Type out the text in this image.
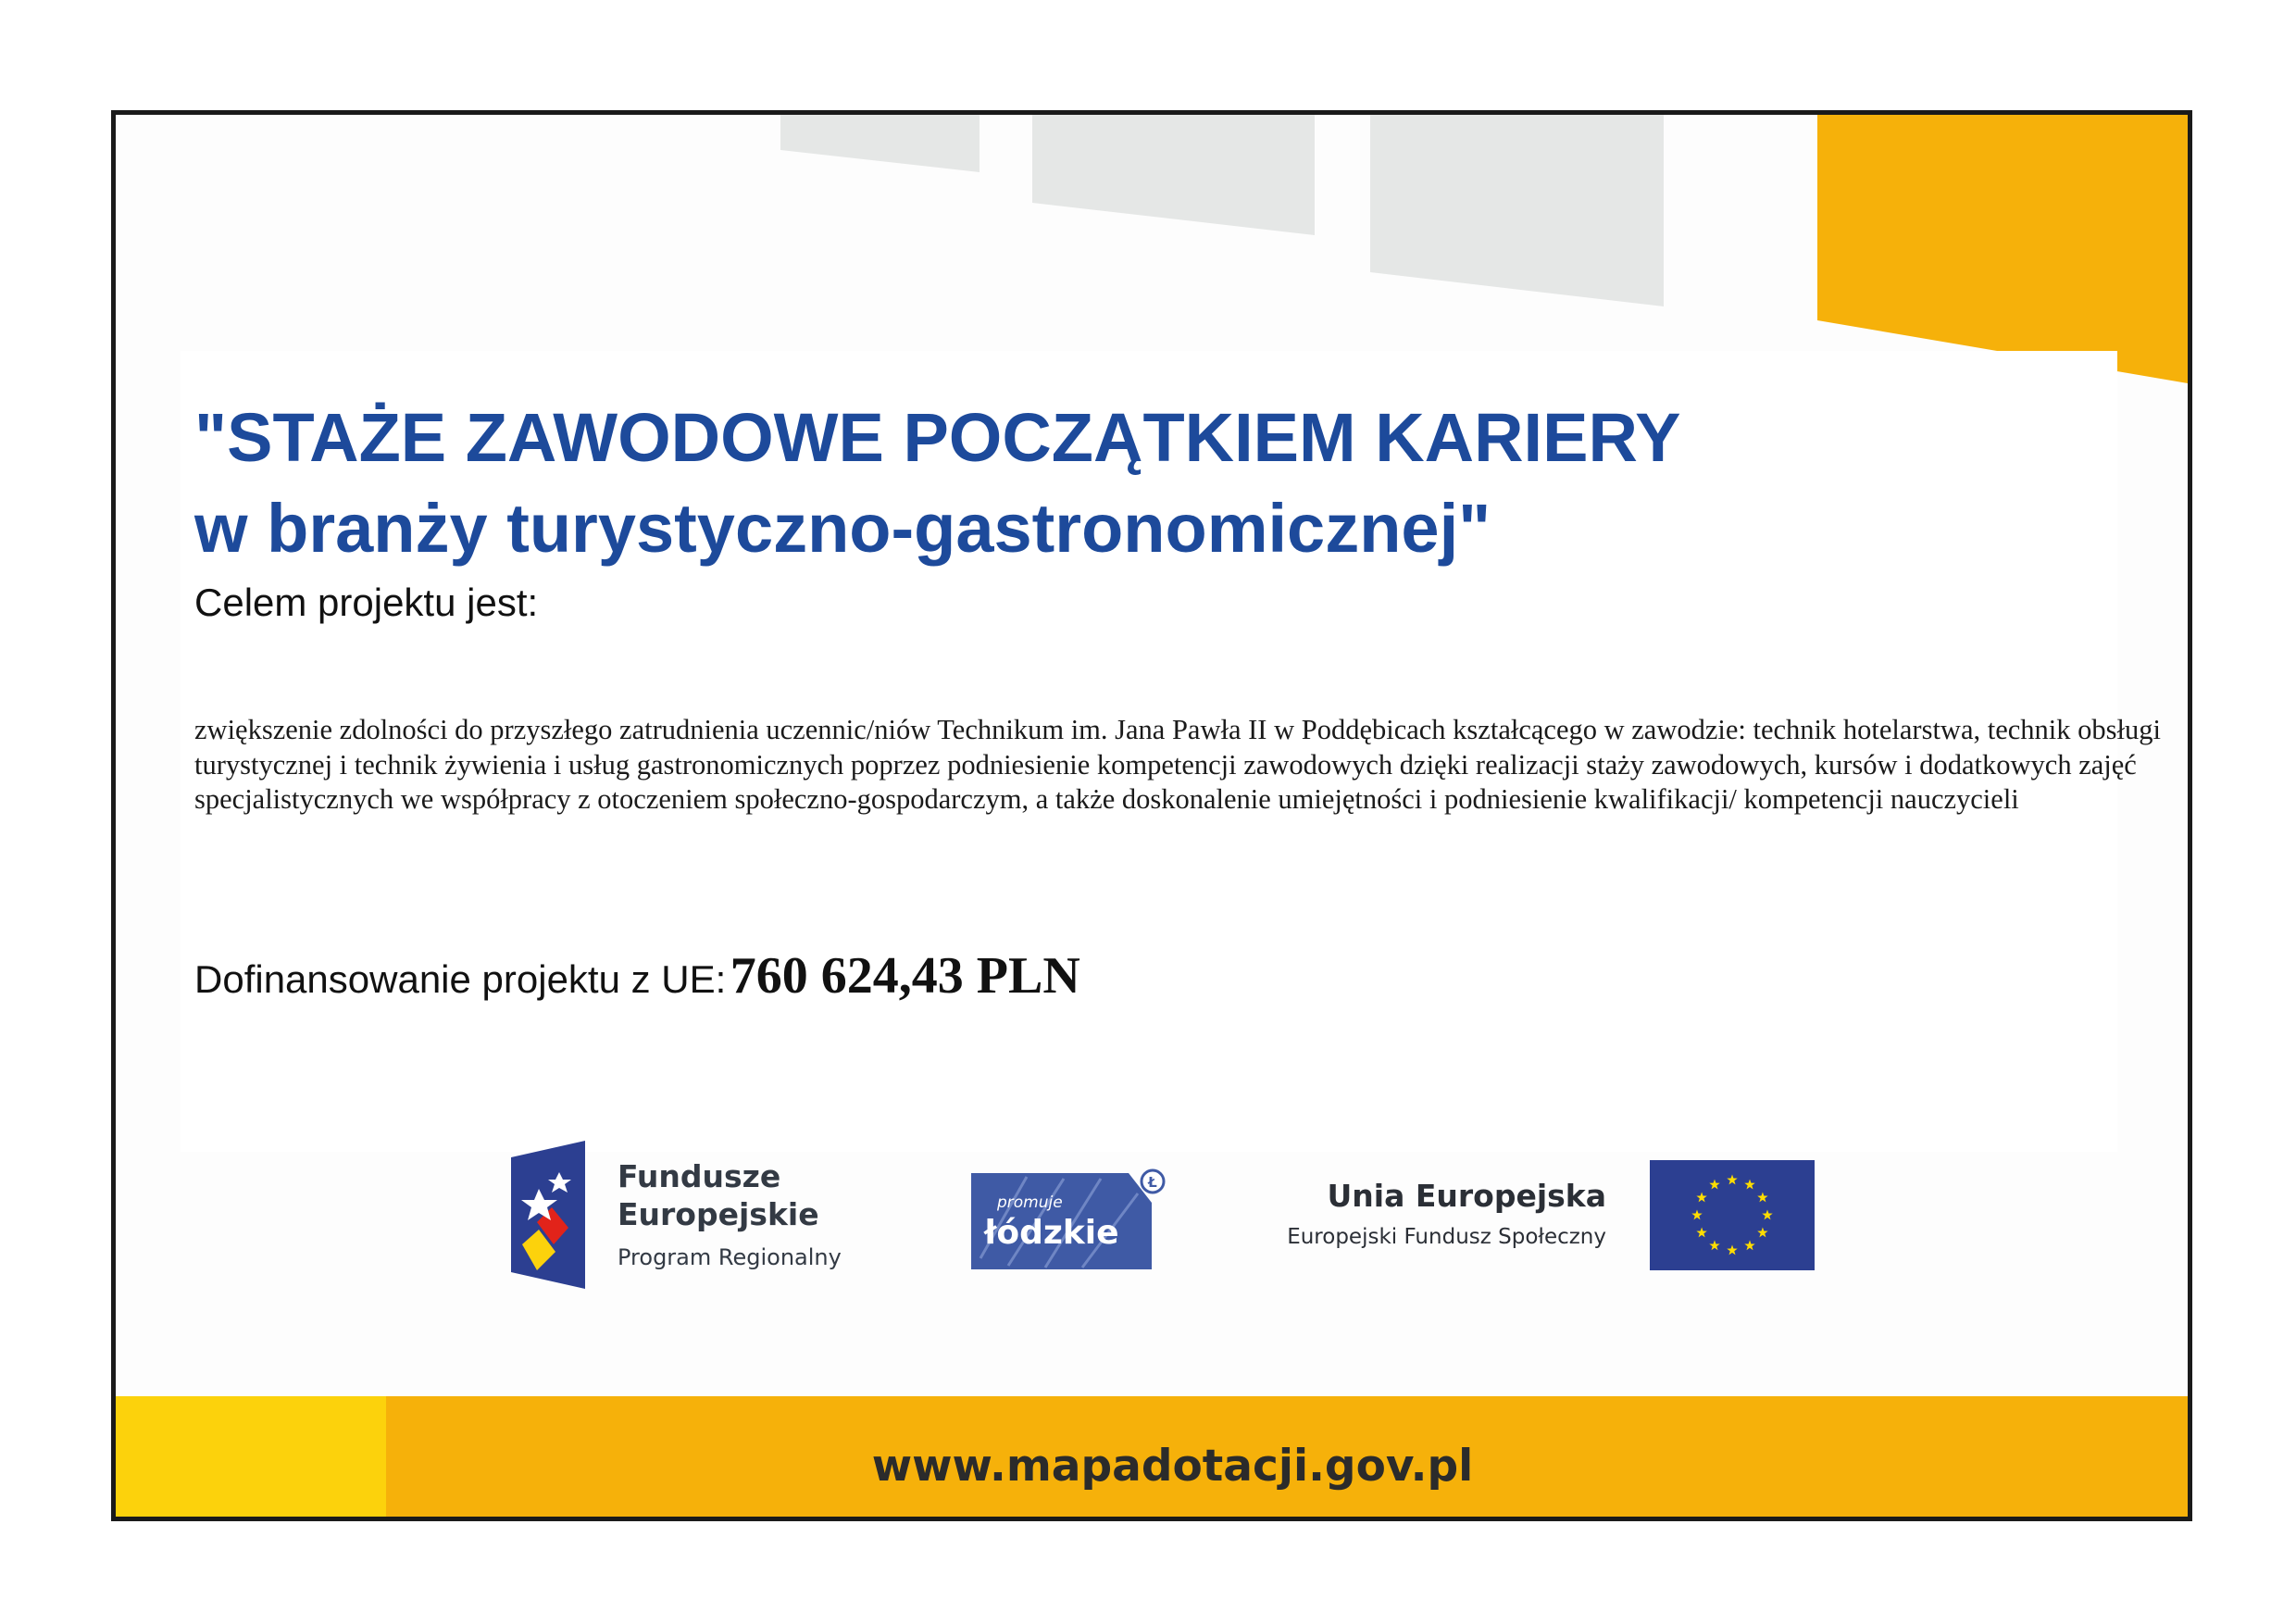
"STAŻE ZAWODOWE POCZĄTKIEM KARIERY
w branży turystyczno-gastronomicznej"
Celem projektu jest:
zwiększenie zdolności do przyszłego zatrudnienia uczennic/niów Technikum im. Jana Pawła II w Poddębicach kształcącego w zawodzie: technik hotelarstwa, technik obsługi turystycznej i technik żywienia i usług gastronomicznych poprzez podniesienie kompetencji zawodowych dzięki realizacji staży zawodowych, kursów i dodatkowych zajęć specjalistycznych we współpracy z otoczeniem społeczno-gospodarczym, a także doskonalenie umiejętności i podniesienie kwalifikacji/ kompetencji nauczycieli
Dofinansowanie projektu z UE: 760 624,43 PLN
Fundusze
Europejskie
Program Regionalny
Ł
promuje
łódzkie
Unia Europejska
Europejski Fundusz Społeczny
www.mapadotacji.gov.pl
